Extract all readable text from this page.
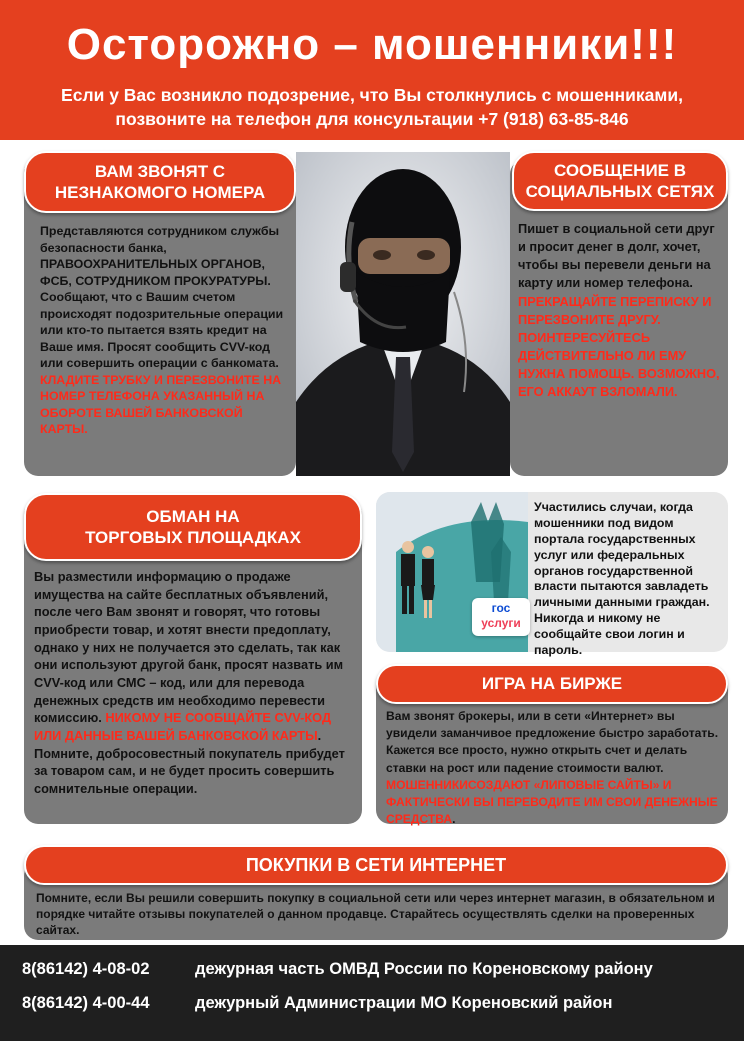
Осторожно – мошенники!!!
Если у Вас возникло подозрение, что Вы столкнулись с мошенниками,
позвоните на телефон для консультации +7 (918) 63-85-846
ВАМ ЗВОНЯТ С
НЕЗНАКОМОГО НОМЕРА
Представляются сотрудником службы безопасности банка, ПРАВООХРАНИТЕЛЬНЫХ ОРГАНОВ, ФСБ, СОТРУДНИКОМ ПРОКУРАТУРЫ. Сообщают, что с Вашим счетом происходят подозрительные операции или кто-то пытается взять кредит на Ваше имя. Просят сообщить CVV-код или совершить операции с банкомата. КЛАДИТЕ ТРУБКУ И ПЕРЕЗВОНИТЕ НА НОМЕР ТЕЛЕФОНА УКАЗАННЫЙ НА ОБОРОТЕ ВАШЕЙ БАНКОВСКОЙ КАРТЫ.
СООБЩЕНИЕ В
СОЦИАЛЬНЫХ СЕТЯХ
Пишет в социальной сети друг и просит денег в долг, хочет, чтобы вы перевели деньги на карту или номер телефона.
ПРЕКРАЩАЙТЕ ПЕРЕПИСКУ И ПЕРЕЗВОНИТЕ ДРУГУ. ПОИНТЕРЕСУЙТЕСЬ ДЕЙСТВИТЕЛЬНО ЛИ ЕМУ НУЖНА ПОМОЩЬ. ВОЗМОЖНО, ЕГО АККАУТ ВЗЛОМАЛИ.
ОБМАН НА
ТОРГОВЫХ ПЛОЩАДКАХ
Вы разместили информацию о продаже имущества на сайте бесплатных объявлений, после чего Вам звонят и говорят, что готовы приобрести товар, и хотят внести предоплату, однако у них не получается это сделать, так как они используют другой банк, просят назвать им CVV-код или СМС – код, или для перевода денежных средств им необходимо перевести комиссию. НИКОМУ НЕ СООБЩАЙТЕ CVV-КОД ИЛИ ДАННЫЕ ВАШЕЙ БАНКОВСКОЙ КАРТЫ. Помните, добросовестный покупатель прибудет за товаром сам, и не будет просить совершить сомнительные операции.
гос
услуги
Участились случаи, когда мошенники под видом портала государственных услуг или федеральных органов государственной власти пытаются завладеть личными данными граждан. Никогда и никому не сообщайте свои логин и пароль.
ИГРА НА БИРЖЕ
Вам звонят брокеры, или в сети «Интернет» вы увидели заманчивое предложение быстро заработать. Кажется все просто, нужно открыть счет и делать ставки на рост или падение стоимости валют. МОШЕННИКИСОЗДАЮТ «ЛИПОВЫЕ САЙТЫ» И ФАКТИЧЕСКИ ВЫ ПЕРЕВОДИТЕ ИМ СВОИ ДЕНЕЖНЫЕ СРЕДСТВА.
ПОКУПКИ В СЕТИ ИНТЕРНЕТ
Помните, если Вы решили совершить покупку в социальной сети или через интернет магазин, в обязательном и порядке читайте отзывы покупателей о данном продавце. Старайтесь осуществлять сделки на проверенных сайтах.
8(86142) 4-08-02	дежурная часть ОМВД России по Кореновскому району
8(86142) 4-00-44	дежурный Администрации МО Кореновский район
